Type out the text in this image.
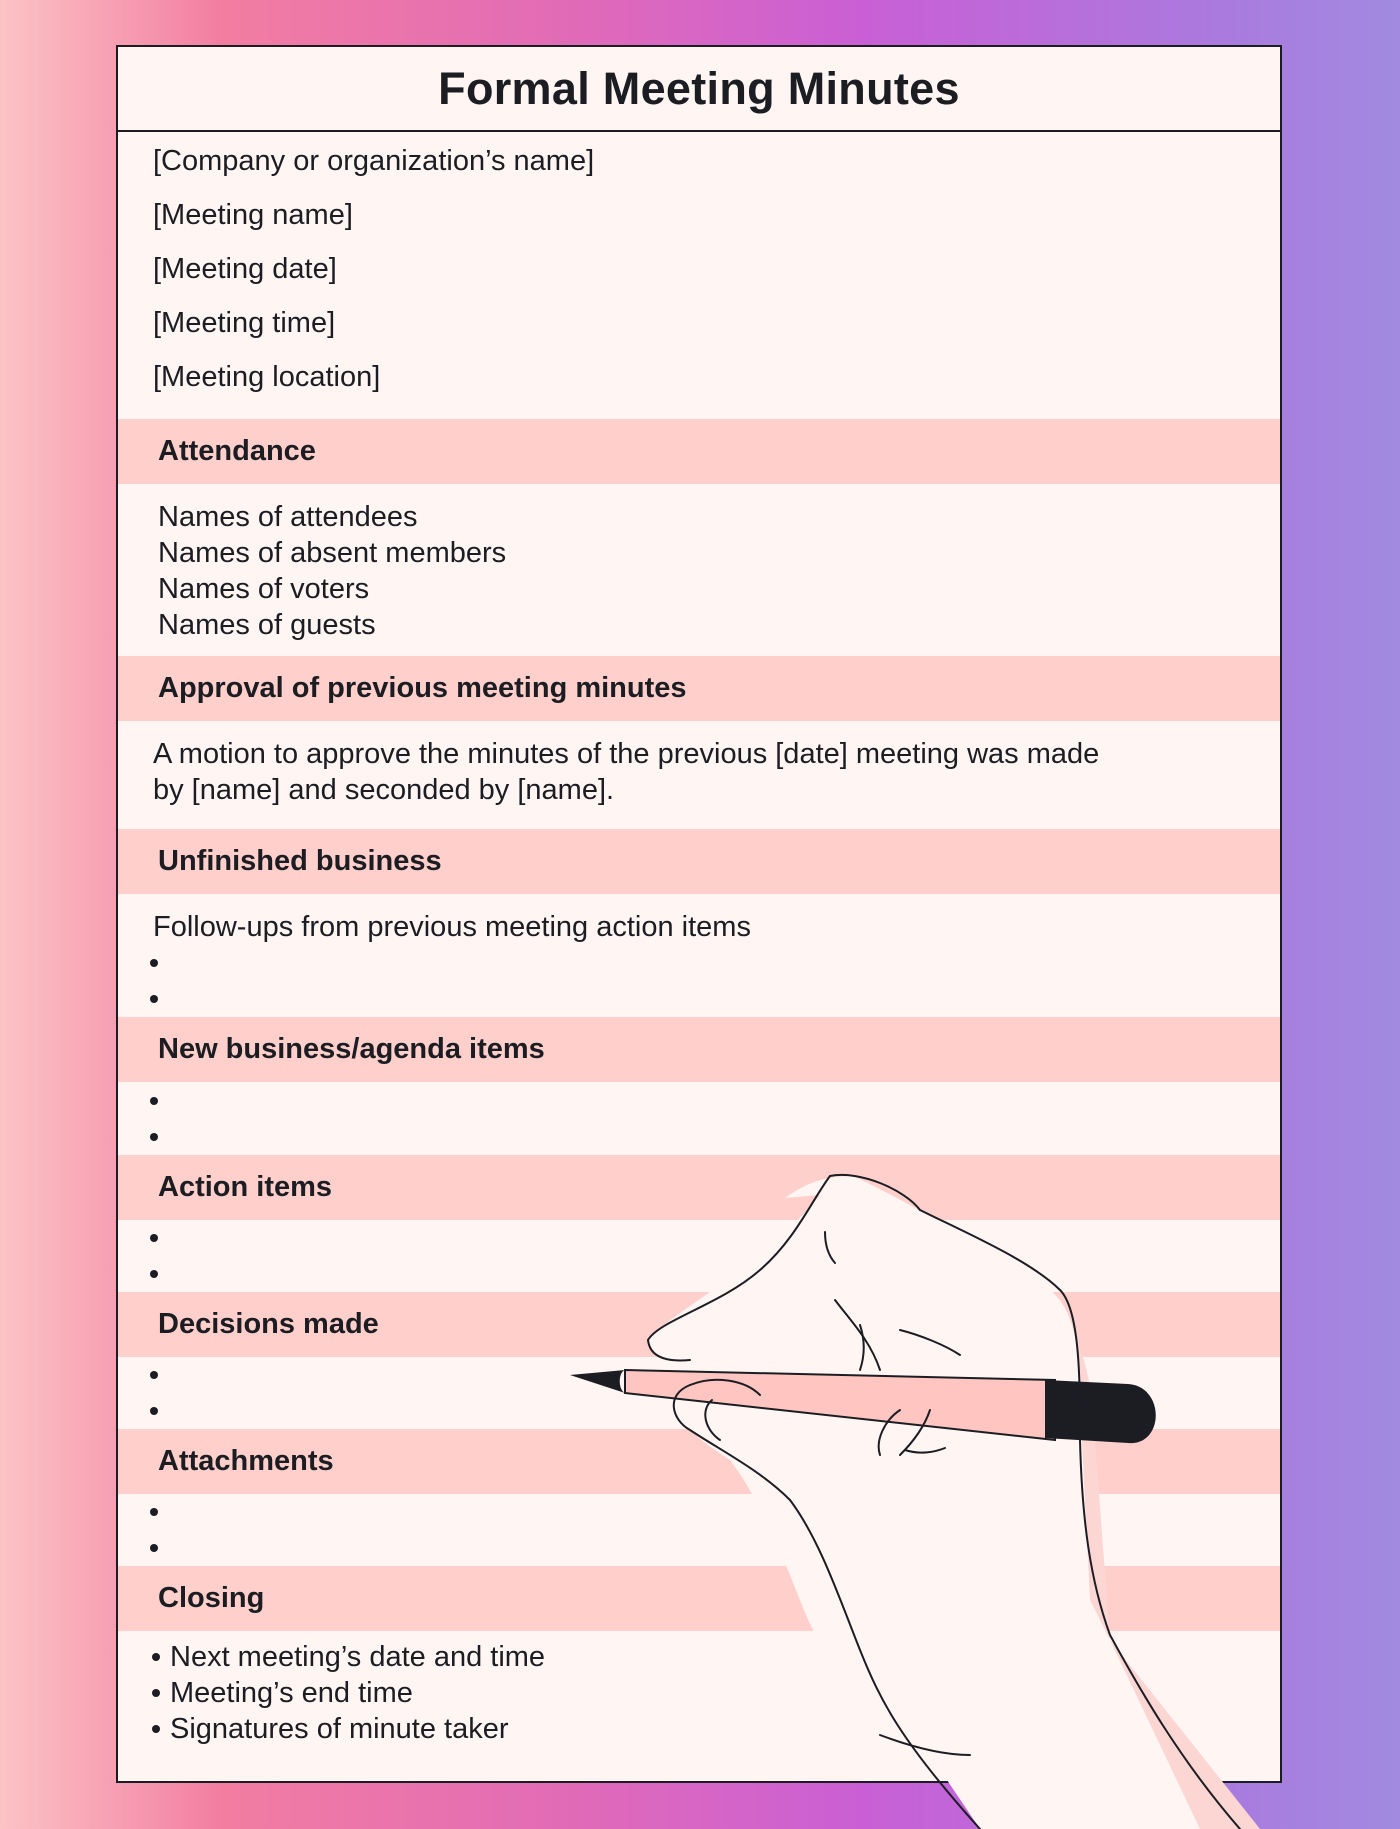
Formal Meeting Minutes
[Company or organization’s name]
[Meeting name]
[Meeting date]
[Meeting time]
[Meeting location]
Attendance
Names of attendees
Names of absent members
Names of voters
Names of guests
Approval of previous meeting minutes
A motion to approve the minutes of the previous [date] meeting was made
by [name] and seconded by [name].
Unfinished business
Follow-ups from previous meeting action items
New business/agenda items
Action items
Decisions made
Attachments
Closing
Next meeting’s date and time
Meeting’s end time
Signatures of minute taker
